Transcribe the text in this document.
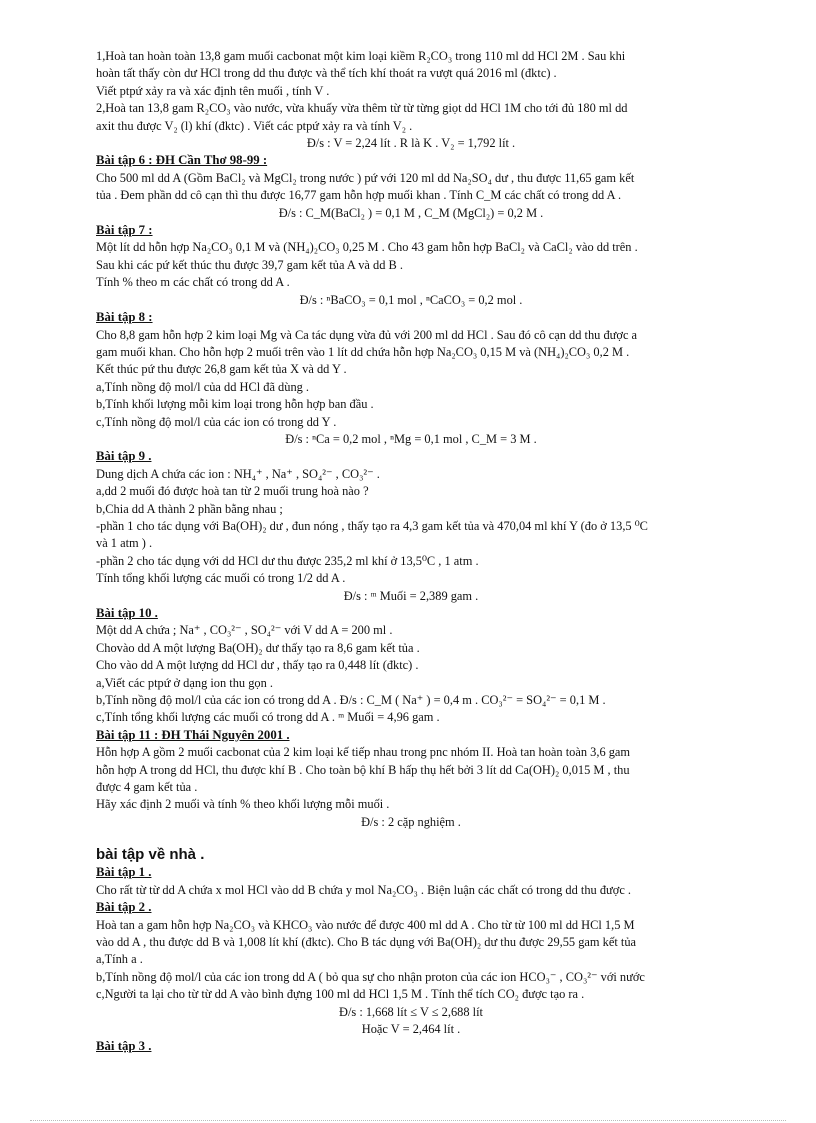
1,Hoà tan hoàn toàn 13,8 gam muối cacbonat một kim loại kiềm R₂CO₃ trong 110 ml dd HCl 2M . Sau khi

hoàn tất thấy còn dư HCl trong dd thu được và thể tích khí thoát ra vượt quá 2016 ml (đktc) .

Viết ptpứ xảy ra và xác định tên muối , tính V .

2,Hoà tan 13,8 gam R₂CO₃ vào nước, vừa khuấy vừa thêm từ từ từng giọt dd HCl 1M cho tới đủ 180 ml dd

axit thu được V₂ (l) khí (đktc) . Viết các ptpứ xảy ra và tính V₂ .

Đ/s : V = 2,24 lít . R là K . V₂ = 1,792 lít .

Bài tập 6 : ĐH Cần Thơ 98-99 :

Cho 500 ml dd A (Gồm BaCl₂ và MgCl₂ trong nước ) pứ với 120 ml dd Na₂SO₄ dư , thu được 11,65 gam kết

tủa . Đem phần dd cô cạn thì thu được 16,77 gam hỗn hợp muối khan . Tính C_M các chất có trong dd A .

Đ/s : C_M(BaCl₂ ) = 0,1 M , C_M (MgCl₂) = 0,2 M .

Bài tập 7 :

Một lít dd hỗn hợp Na₂CO₃ 0,1 M và (NH₄)₂CO₃ 0,25 M . Cho 43 gam hỗn hợp BaCl₂ và CaCl₂ vào dd trên .

Sau khi các pứ kết thúc thu được 39,7 gam kết tủa A và dd B .

Tính % theo m các chất có trong dd A .

Đ/s : ⁿBaCO₃ = 0,1 mol , ⁿCaCO₃ = 0,2 mol .

Bài tập 8 :

Cho 8,8 gam hỗn hợp 2 kim loại Mg và Ca tác dụng vừa đủ với 200 ml dd HCl . Sau đó cô cạn dd thu được a

gam muối khan. Cho hỗn hợp 2 muối trên vào 1 lít dd chứa hỗn hợp Na₂CO₃ 0,15 M và (NH₄)₂CO₃ 0,2 M .

Kết thúc pứ thu được 26,8 gam kết tủa X và dd Y .

a,Tính nồng độ mol/l của dd HCl đã dùng .

b,Tính khối lượng mỗi kim loại trong hỗn hợp ban đầu .

c,Tính nồng độ mol/l của các ion có trong dd Y .

Đ/s : ⁿCa = 0,2 mol , ⁿMg = 0,1 mol , C_M = 3 M .

Bài tập 9 .

Dung dịch A chứa các ion : NH₄⁺ , Na⁺ , SO₄²⁻ , CO₃²⁻ .

a,dd 2 muối đó được hoà tan từ 2 muối trung hoà nào ?

b,Chia dd A thành 2 phần bằng nhau ;

-phần 1 cho tác dụng với Ba(OH)₂ dư , đun nóng , thấy tạo ra 4,3 gam kết tủa và 470,04 ml khí Y (đo ở 13,5 ⁰C

và 1 atm ) .

-phần 2 cho tác dụng với dd HCl dư thu được 235,2 ml khí ở 13,5⁰C , 1 atm .

Tính tổng khối lượng các muối có trong 1/2 dd A .

Đ/s : ᵐ Muối = 2,389 gam .

Bài tập 10 .

Một dd A chứa ; Na⁺ , CO₃²⁻ , SO₄²⁻ với V dd A = 200 ml .

Chovào dd A một lượng Ba(OH)₂ dư thấy tạo ra 8,6 gam kết tủa .

Cho vào dd A một lượng dd HCl dư , thấy tạo ra 0,448 lít (đktc) .

a,Viết các ptpứ ở dạng ion thu gọn .

b,Tính nồng độ mol/l của các ion có trong dd A . Đ/s : C_M ( Na⁺ ) = 0,4 m . CO₃²⁻ = SO₄²⁻ = 0,1 M .

c,Tính tổng khối lượng các muối có trong dd A . ᵐ Muối = 4,96 gam .

Bài tập 11 : ĐH Thái Nguyên 2001 .

Hỗn hợp A gồm 2 muối cacbonat của 2 kim loại kế tiếp nhau trong pnc nhóm II. Hoà tan hoàn toàn 3,6 gam

hỗn hợp A trong dd HCl, thu được khí B . Cho toàn bộ khí B hấp thụ hết bởi 3 lít dd Ca(OH)₂ 0,015 M , thu

được 4 gam kết tủa .

Hãy xác định 2 muối và tính % theo khối lượng mỗi muối .

Đ/s : 2 cặp nghiệm .

bài tập về nhà .

Bài tập 1 .

Cho rất từ từ dd A chứa x mol HCl vào dd B chứa y mol Na₂CO₃ . Biện luận các chất có trong dd thu được .

Bài tập 2 .

Hoà tan a gam hỗn hợp Na₂CO₃ và KHCO₃ vào nước để được 400 ml dd A . Cho từ từ 100 ml dd HCl 1,5 M

vào dd A , thu được dd B và 1,008 lít khí (đktc). Cho B tác dụng với Ba(OH)₂ dư thu được 29,55 gam kết tủa

a,Tính a .

b,Tính nồng độ mol/l của các ion trong dd A ( bỏ qua sự cho nhận proton của các ion HCO₃⁻ , CO₃²⁻ với nước

c,Người ta lại cho từ từ dd A vào bình đựng 100 ml dd HCl 1,5 M . Tính thể tích CO₂ được tạo ra .

Đ/s : 1,668 lít ≤ V ≤ 2,688 lít

Hoặc V = 2,464 lít .

Bài tập 3 .
